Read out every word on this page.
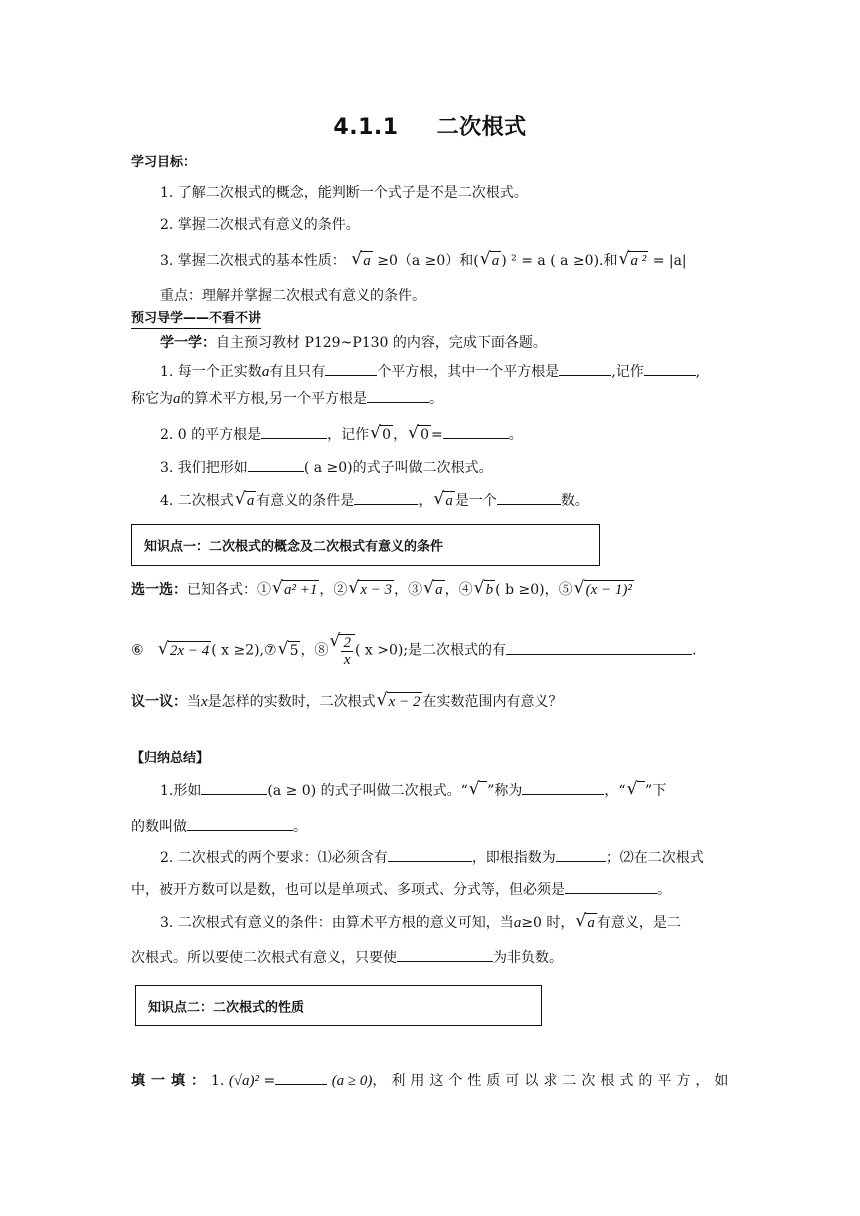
4.1.1 二次根式
学习目标：
1. 了解二次根式的概念，能判断一个式子是不是二次根式。
2. 掌握二次根式有意义的条件。
3. 掌握二次根式的基本性质： √ a ≥0（a ≥0）和( √ a ) ² = a ( a ≥0).和 √ a ² = |a|
重点：理解并掌握二次根式有意义的条件。
预习导学——不看不讲
学一学：自主预习教材 P129~P130 的内容，完成下面各题。
1. 每一个正实数a有且只有	个平方根，其中一个平方根是	,记作	,
称它为a的算术平方根,另一个平方根是	。
2. 0 的平方根是	，记作 √ 0 ， √ 0 =	。
3. 我们把形如	( a ≥0)的式子叫做二次根式。
4. 二次根式 √ a 有意义的条件是	， √ a 是一个	数。
知识点一：二次根式的概念及二次根式有意义的条件
选一选：已知各式：① √ a² +1 ，② √ x − 3 ，③ √ a ，④ √ b ( b ≥0)，⑤ √ (x − 1)²
⑥ √ 2x − 4 ( x ≥2),⑦ √ 5 ，⑧ √ $\frac{2}{x}$ ( x >0);是二次根式的有	.
议一议：当x是怎样的实数时，二次根式 √ x − 2 在实数范围内有意义？
【归纳总结】
1.形如	(a ≥ 0) 的式子叫做二次根式。“ √ ”称为	，“ √ ”下
的数叫做	。
2. 二次根式的两个要求：⑴必须含有	，即根指数为	；⑵在二次根式
中，被开方数可以是数，也可以是单项式、多项式、分式等，但必须是	。
3. 二次根式有意义的条件：由算术平方根的意义可知，当a≥0 时， √ a 有意义，是二
次根式。所以要使二次根式有意义，只要使	为非负数。
知识点二：二次根式的性质
填一填：1. (√a)² =	(a ≥ 0)，利用这个性质可以求二次根式的平方，如
